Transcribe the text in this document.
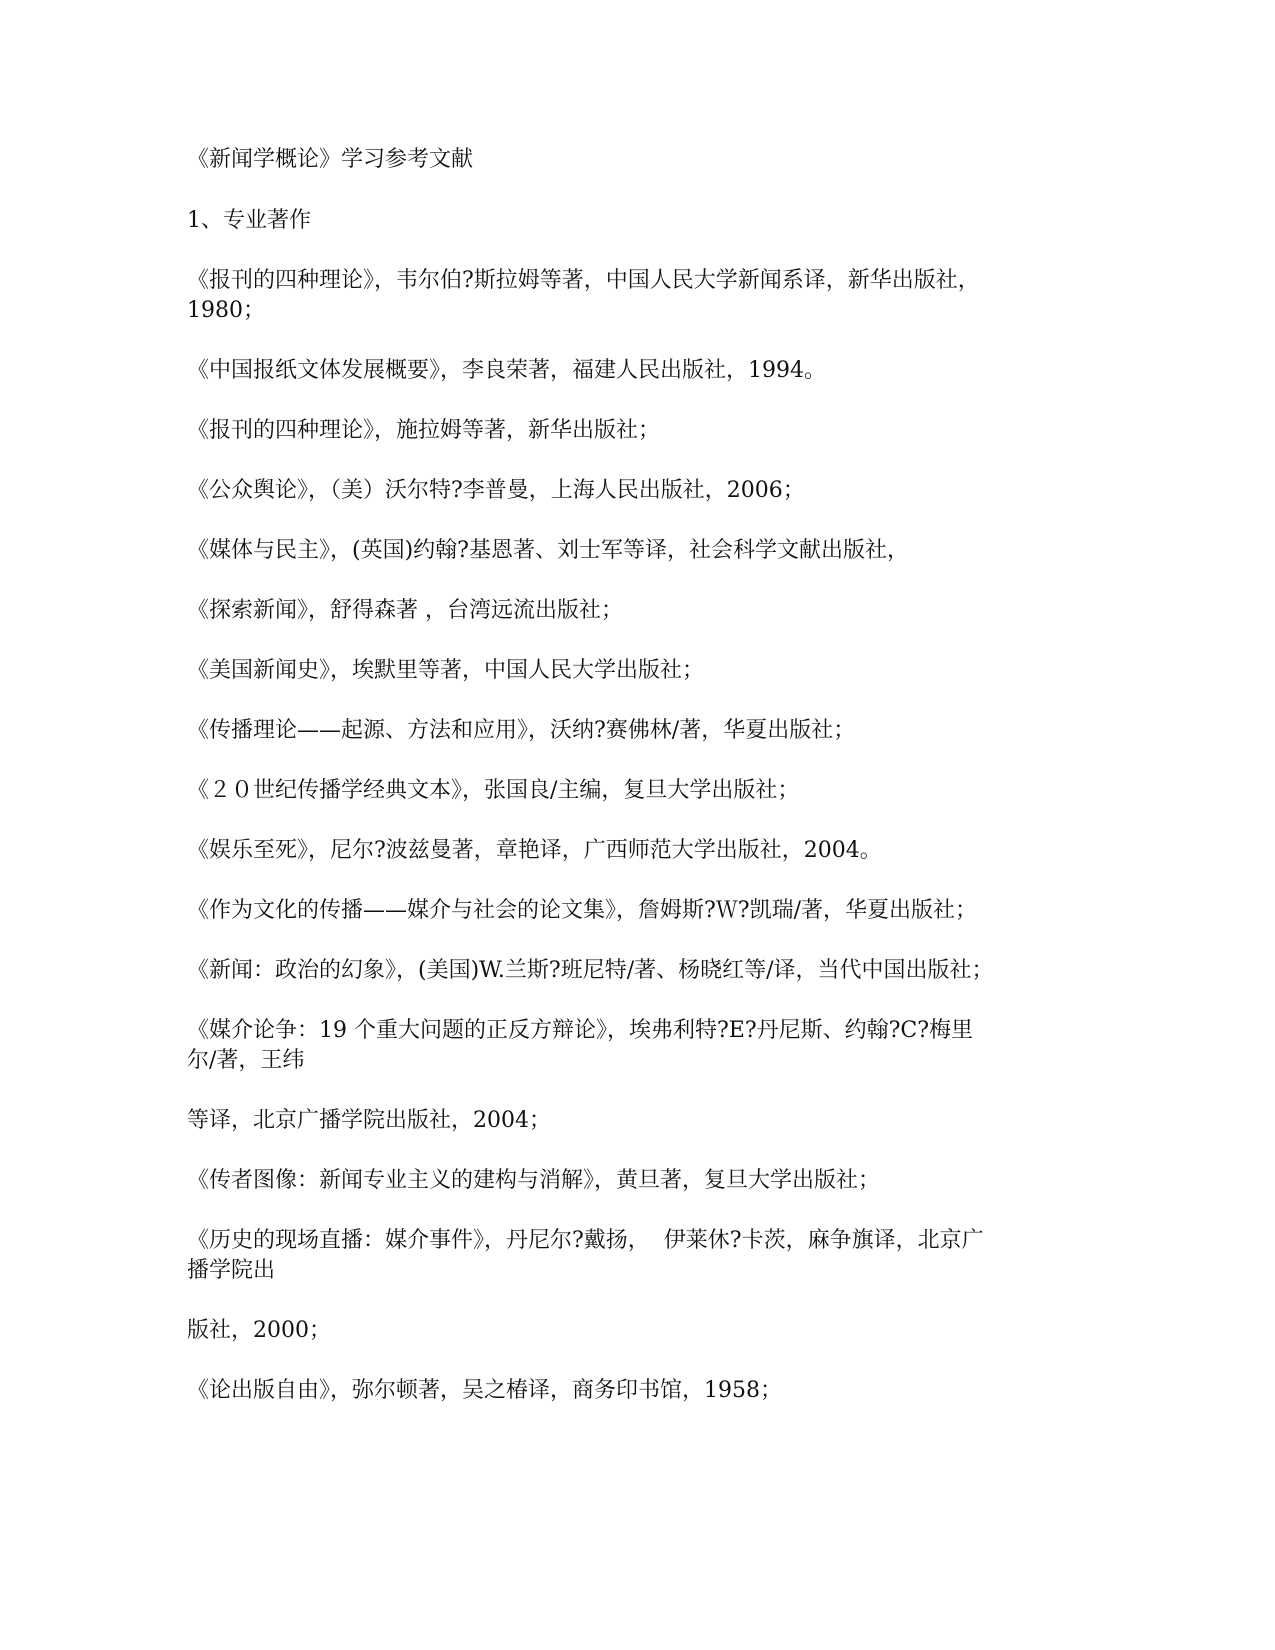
《新闻学概论》学习参考文献
1、专业著作
《报刊的四种理论》，韦尔伯?斯拉姆等著，中国人民大学新闻系译，新华出版社，
1980；
《中国报纸文体发展概要》，李良荣著，福建人民出版社，1994。
《报刊的四种理论》，施拉姆等著，新华出版社；
《公众舆论》，（美）沃尔特?李普曼，上海人民出版社，2006；
《媒体与民主》，(英国)约翰?基恩著、刘士军等译，社会科学文献出版社，
《探索新闻》，舒得森著 ，台湾远流出版社；
《美国新闻史》，埃默里等著，中国人民大学出版社；
《传播理论——起源、方法和应用》，沃纳?赛佛林/著，华夏出版社；
《２０世纪传播学经典文本》，张国良/主编，复旦大学出版社；
《娱乐至死》，尼尔?波兹曼著，章艳译，广西师范大学出版社，2004。
《作为文化的传播——媒介与社会的论文集》，詹姆斯?Ｗ?凯瑞/著，华夏出版社；
《新闻：政治的幻象》，(美国)W.兰斯?班尼特/著、杨晓红等/译，当代中国出版社；
《媒介论争：19 个重大问题的正反方辩论》，埃弗利特?E?丹尼斯、约翰?C?梅里
尔/著，王纬
等译，北京广播学院出版社，2004；
《传者图像：新闻专业主义的建构与消解》，黄旦著，复旦大学出版社；
《历史的现场直播：媒介事件》，丹尼尔?戴扬，  伊莱休?卡茨，麻争旗译，北京广
播学院出
版社，2000；
《论出版自由》，弥尔顿著，吴之椿译，商务印书馆，1958；
